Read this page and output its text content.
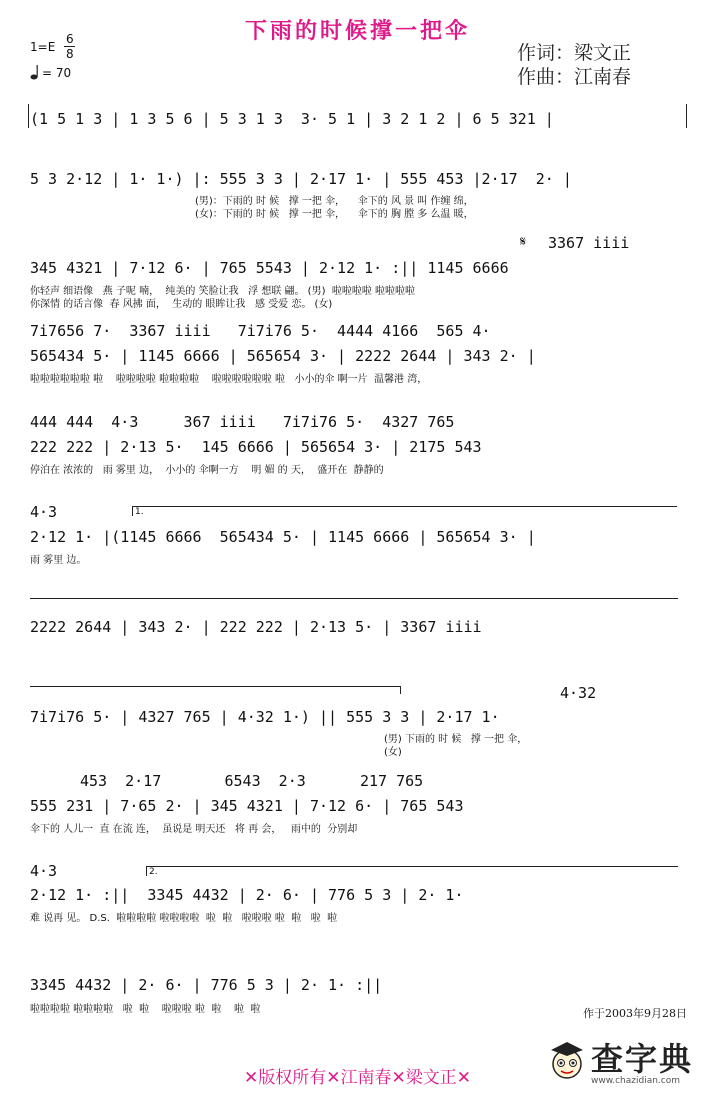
下雨的时候撑一把伞
作词：梁文正
作曲：江南春
1=E
6
8
= 70
(1 5 1 3 | 1 3 5 6 | 5 3 1 3  3· 5 1 | 3 2 1 2 | 6 5 321 |
5 3 2·12 | 1· 1·) |: 555 3 3 | 2·17 1· | 555 453 |2·17  2· |
(男)：下雨的 时 候   撑 一把 伞，    伞下的 风 景 叫 作缠 绵，
(女)：下雨的 时 候   撑 一把 伞，    伞下的 胸 膛 多 么温 暖，
3367 iiii
𝄋
345 4321 | 7·12 6· | 765 5543 | 2·12 1· :|| 1145 6666
你轻声 细语像   燕 子呢 喃，  纯美的 笑脸让我   浮 想联 翩。 (男)  啦啦啦啦 啦啦啦啦
你深情 的话言像  春 风拂 面，  生动的 眼眸让我   感 受爱 恋。 (女)
7i7656 7·  3367 iiii   7i7i76 5·  4444 4166  565 4·
565434 5· | 1145 6666 | 565654 3· | 2222 2644 | 343 2· |
啦啦啦啦啦啦 啦    啦啦啦啦 啦啦啦啦    啦啦啦啦啦啦 啦   小小的伞 啊一片  温馨港 湾，
444 444  4·3     367 iiii   7i7i76 5·  4327 765
222 222 | 2·13 5·  145 6666 | 565654 3· | 2175 543
停泊在 浓浓的   雨 雾里 边，  小小的 伞啊一方    明 媚 的 天，  盛开在  静静的
1.
4·3
2·12 1· |(1145 6666  565434 5· | 1145 6666 | 565654 3· |
雨 雾里 边。
2222 2644 | 343 2· | 222 222 | 2·13 5· | 3367 iiii
4·32
7i7i76 5· | 4327 765 | 4·32 1·) || 555 3 3 | 2·17 1·
(男) 下雨的 时 候   撑 一把 伞，
(女)
453  2·17       6543  2·3      217 765
555 231 | 7·65 2· | 345 4321 | 7·12 6· | 765 543
伞下的 人儿一  直 在流 连，  虽说是 明天还   将 再 会，   雨中的  分别却
2.
4·3
2·12 1· :||  3345 4432 | 2· 6· | 776 5 3 | 2· 1·
难 说再 见。 D.S.  啦啦啦啦 啦啦啦啦  啦  啦   啦啦啦 啦  啦   啦  啦
3345 4432 | 2· 6· | 776 5 3 | 2· 1· :||
啦啦啦啦 啦啦啦啦   啦  啦    啦啦啦 啦  啦    啦  啦	作于2003年9月28日
✕版权所有✕江南春✕梁文正✕	查字典
www.chazidian.com
